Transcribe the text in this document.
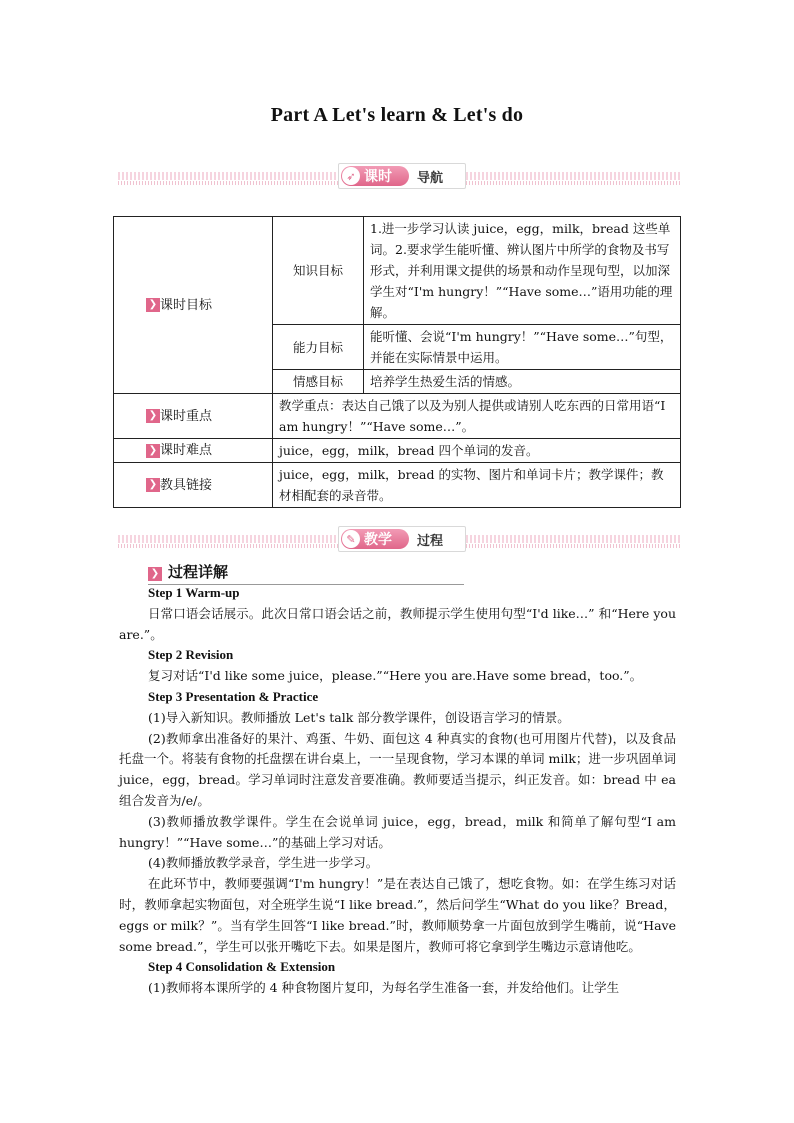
Part A Let's learn & Let's do
➶ 课时 导航
❯ 课时目标	知识目标	1.进一步学习认读 juice，egg，milk，bread 这些单词。2.要求学生能听懂、辨认图片中所学的食物及书写形式，并利用课文提供的场景和动作呈现句型，以加深学生对“I'm hungry！”“Have some…”语用功能的理解。
	能力目标	能听懂、会说“I'm hungry！”“Have some…”句型，并能在实际情景中运用。
	情感目标	培养学生热爱生活的情感。

❯ 课时重点	教学重点：表达自己饿了以及为别人提供或请别人吃东西的日常用语“I am hungry！”“Have some…”。	

❯ 课时难点	juice，egg，milk，bread 四个单词的发音。	

❯ 教具链接	juice，egg，milk，bread 的实物、图片和单词卡片；教学课件；教材相配套的录音带。	
✎ 教学 过程
❯ 过程详解

Step 1 Warm-up

日常口语会话展示。此次日常口语会话之前，教师提示学生使用句型“I'd like…” 和“Here you are.”。

Step 2 Revision

复习对话“I'd like some juice，please.”“Here you are.Have some bread，too.”。

Step 3 Presentation & Practice

(1)导入新知识。教师播放 Let's talk 部分教学课件，创设语言学习的情景。

(2)教师拿出准备好的果汁、鸡蛋、牛奶、面包这 4 种真实的食物(也可用图片代替)，以及食品托盘一个。将装有食物的托盘摆在讲台桌上，一一呈现食物，学习本课的单词 milk；进一步巩固单词 juice，egg，bread。学习单词时注意发音要准确。教师要适当提示，纠正发音。如：bread 中 ea 组合发音为/e/。

(3)教师播放教学课件。学生在会说单词 juice，egg，bread，milk 和简单了解句型“I am hungry！”“Have some…”的基础上学习对话。

(4)教师播放教学录音，学生进一步学习。

在此环节中，教师要强调“I'm hungry！”是在表达自己饿了，想吃食物。如：在学生练习对话时，教师拿起实物面包，对全班学生说“I like bread.”，然后问学生“What do you like？Bread，eggs or milk？”。当有学生回答“I like bread.”时，教师顺势拿一片面包放到学生嘴前，说“Have some bread.”，学生可以张开嘴吃下去。如果是图片，教师可将它拿到学生嘴边示意请他吃。

Step 4 Consolidation & Extension

(1)教师将本课所学的 4 种食物图片复印，为每名学生准备一套，并发给他们。让学生
